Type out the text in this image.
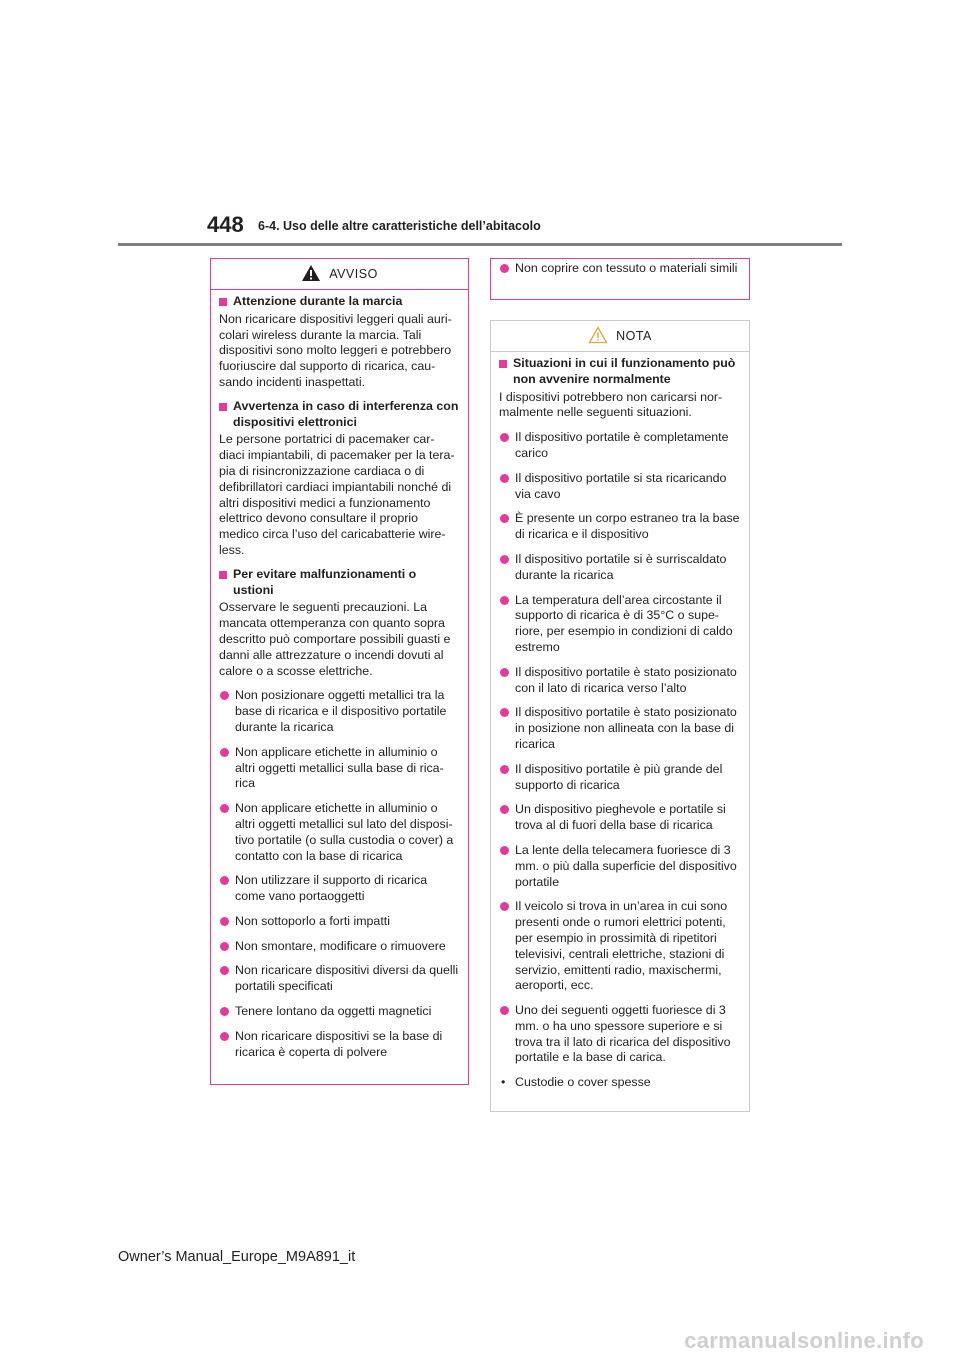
448 6-4. Uso delle altre caratteristiche dell’abitacolo
AVVISO
Attenzione durante la marcia
Non ricaricare dispositivi leggeri quali auri-colari wireless durante la marcia. Tali dispositivi sono molto leggeri e potrebbero fuoriuscire dal supporto di ricarica, cau-sando incidenti inaspettati.
Avvertenza in caso di interferenza con dispositivi elettronici
Le persone portatrici di pacemaker car-diaci impiantabili, di pacemaker per la tera-pia di risincronizzazione cardiaca o di defibrillatori cardiaci impiantabili nonché di altri dispositivi medici a funzionamento elettrico devono consultare il proprio medico circa l’uso del caricabatterie wire-less.
Per evitare malfunzionamenti o ustioni
Osservare le seguenti precauzioni. La mancata ottemperanza con quanto sopra descritto può comportare possibili guasti e danni alle attrezzature o incendi dovuti al calore o a scosse elettriche.
Non posizionare oggetti metallici tra la base di ricarica e il dispositivo portatile durante la ricarica
Non applicare etichette in alluminio o altri oggetti metallici sulla base di rica-rica
Non applicare etichette in alluminio o altri oggetti metallici sul lato del disposi-tivo portatile (o sulla custodia o cover) a contatto con la base di ricarica
Non utilizzare il supporto di ricarica come vano portaoggetti
Non sottoporlo a forti impatti
Non smontare, modificare o rimuovere
Non ricaricare dispositivi diversi da quelli portatili specificati
Tenere lontano da oggetti magnetici
Non ricaricare dispositivi se la base di ricarica è coperta di polvere
Non coprire con tessuto o materiali simili
NOTA
Situazioni in cui il funzionamento può non avvenire normalmente
I dispositivi potrebbero non caricarsi nor-malmente nelle seguenti situazioni.
Il dispositivo portatile è completamente carico
Il dispositivo portatile si sta ricaricando via cavo
È presente un corpo estraneo tra la base di ricarica e il dispositivo
Il dispositivo portatile si è surriscaldato durante la ricarica
La temperatura dell’area circostante il supporto di ricarica è di 35°C o supe-riore, per esempio in condizioni di caldo estremo
Il dispositivo portatile è stato posizionato con il lato di ricarica verso l’alto
Il dispositivo portatile è stato posizionato in posizione non allineata con la base di ricarica
Il dispositivo portatile è più grande del supporto di ricarica
Un dispositivo pieghevole e portatile si trova al di fuori della base di ricarica
La lente della telecamera fuoriesce di 3 mm. o più dalla superficie del dispositivo portatile
Il veicolo si trova in un’area in cui sono presenti onde o rumori elettrici potenti, per esempio in prossimità di ripetitori televisivi, centrali elettriche, stazioni di servizio, emittenti radio, maxischermi, aeroporti, ecc.
Uno dei seguenti oggetti fuoriesce di 3 mm. o ha uno spessore superiore e si trova tra il lato di ricarica del dispositivo portatile e la base di carica.
• Custodie o cover spesse
Owner’s Manual_Europe_M9A891_it
carmanualsonline.info
